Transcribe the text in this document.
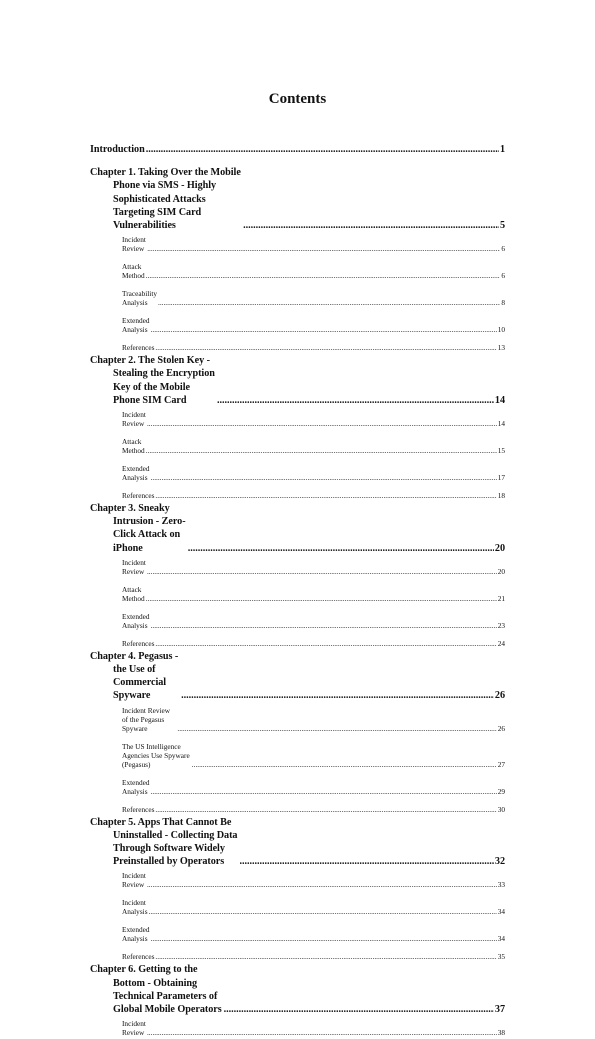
Contents
Introduction .....	1
Chapter 1. Taking Over the Mobile Phone via SMS - Highly Sophisticated Attacks Targeting SIM Card Vulnerabilities .....	5
Incident Review .....	6
Attack Method .....	6
Traceability Analysis .....	8
Extended Analysis .....	10
References .....	13
Chapter 2. The Stolen Key - Stealing the Encryption Key of the Mobile Phone SIM Card .....	14
Incident Review .....	14
Attack Method .....	15
Extended Analysis .....	17
References .....	18
Chapter 3. Sneaky Intrusion - Zero-Click Attack on iPhone .....	20
Incident Review .....	20
Attack Method .....	21
Extended Analysis .....	23
References .....	24
Chapter 4. Pegasus - the Use of Commercial Spyware .....	26
Incident Review of the Pegasus Spyware .....	26
The US Intelligence Agencies Use Spyware (Pegasus) .....	27
Extended Analysis .....	29
References .....	30
Chapter 5. Apps That Cannot Be Uninstalled - Collecting Data Through Software Widely Preinstalled by Operators .....	32
Incident Review .....	33
Incident Analysis .....	34
Extended Analysis .....	34
References .....	35
Chapter 6. Getting to the Bottom - Obtaining Technical Parameters of Global Mobile Operators .....	37
Incident Review .....	38
